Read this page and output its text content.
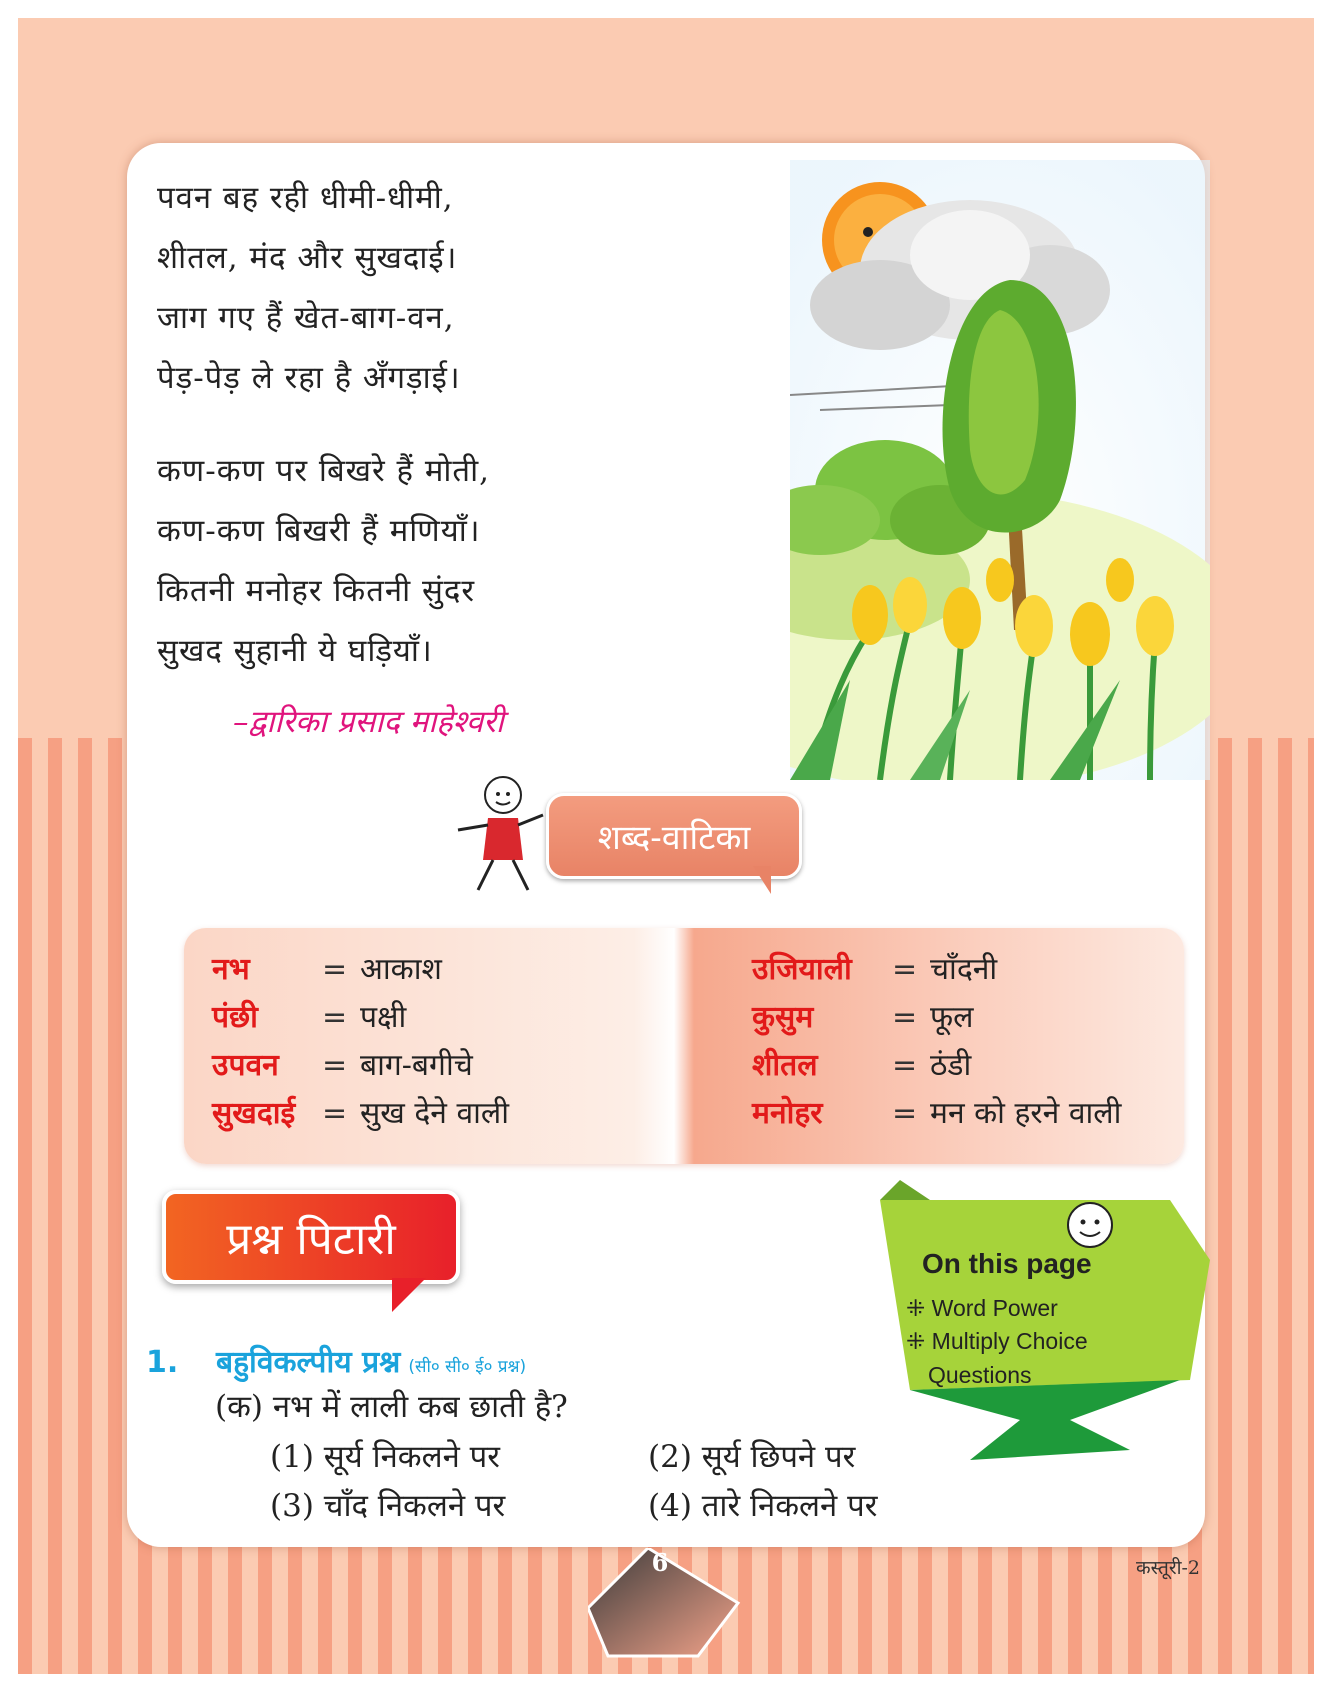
पवन बह रही धीमी-धीमी,
शीतल, मंद और सुखदाई।
जाग गए हैं खेत-बाग-वन,
पेड़-पेड़ ले रहा है अँगड़ाई।
कण-कण पर बिखरे हैं मोती,
कण-कण बिखरी हैं मणियाँ।
कितनी मनोहर कितनी सुंदर
सुखद सुहानी ये घड़ियाँ।
–द्वारिका प्रसाद माहेश्वरी
शब्द-वाटिका
नभ = आकाश
पंछी = पक्षी
उपवन = बाग-बगीचे
सुखदाई = सुख देने वाली
उजियाली = चाँदनी
कुसुम	= फूल
शीतल = ठंडी
मनोहर = मन को हरने वाली
प्रश्न पिटारी
1. बहुविकल्पीय प्रश्न (सी० सी० ई० प्रश्न)
(क) नभ में लाली कब छाती है?
(1) सूर्य निकलने पर	(2) सूर्य छिपने पर
(3) चाँद निकलने पर	(4) तारे निकलने पर
On this page
⁜ Word Power
⁜ Multiply Choice
Questions
6	कस्तूरी-2
